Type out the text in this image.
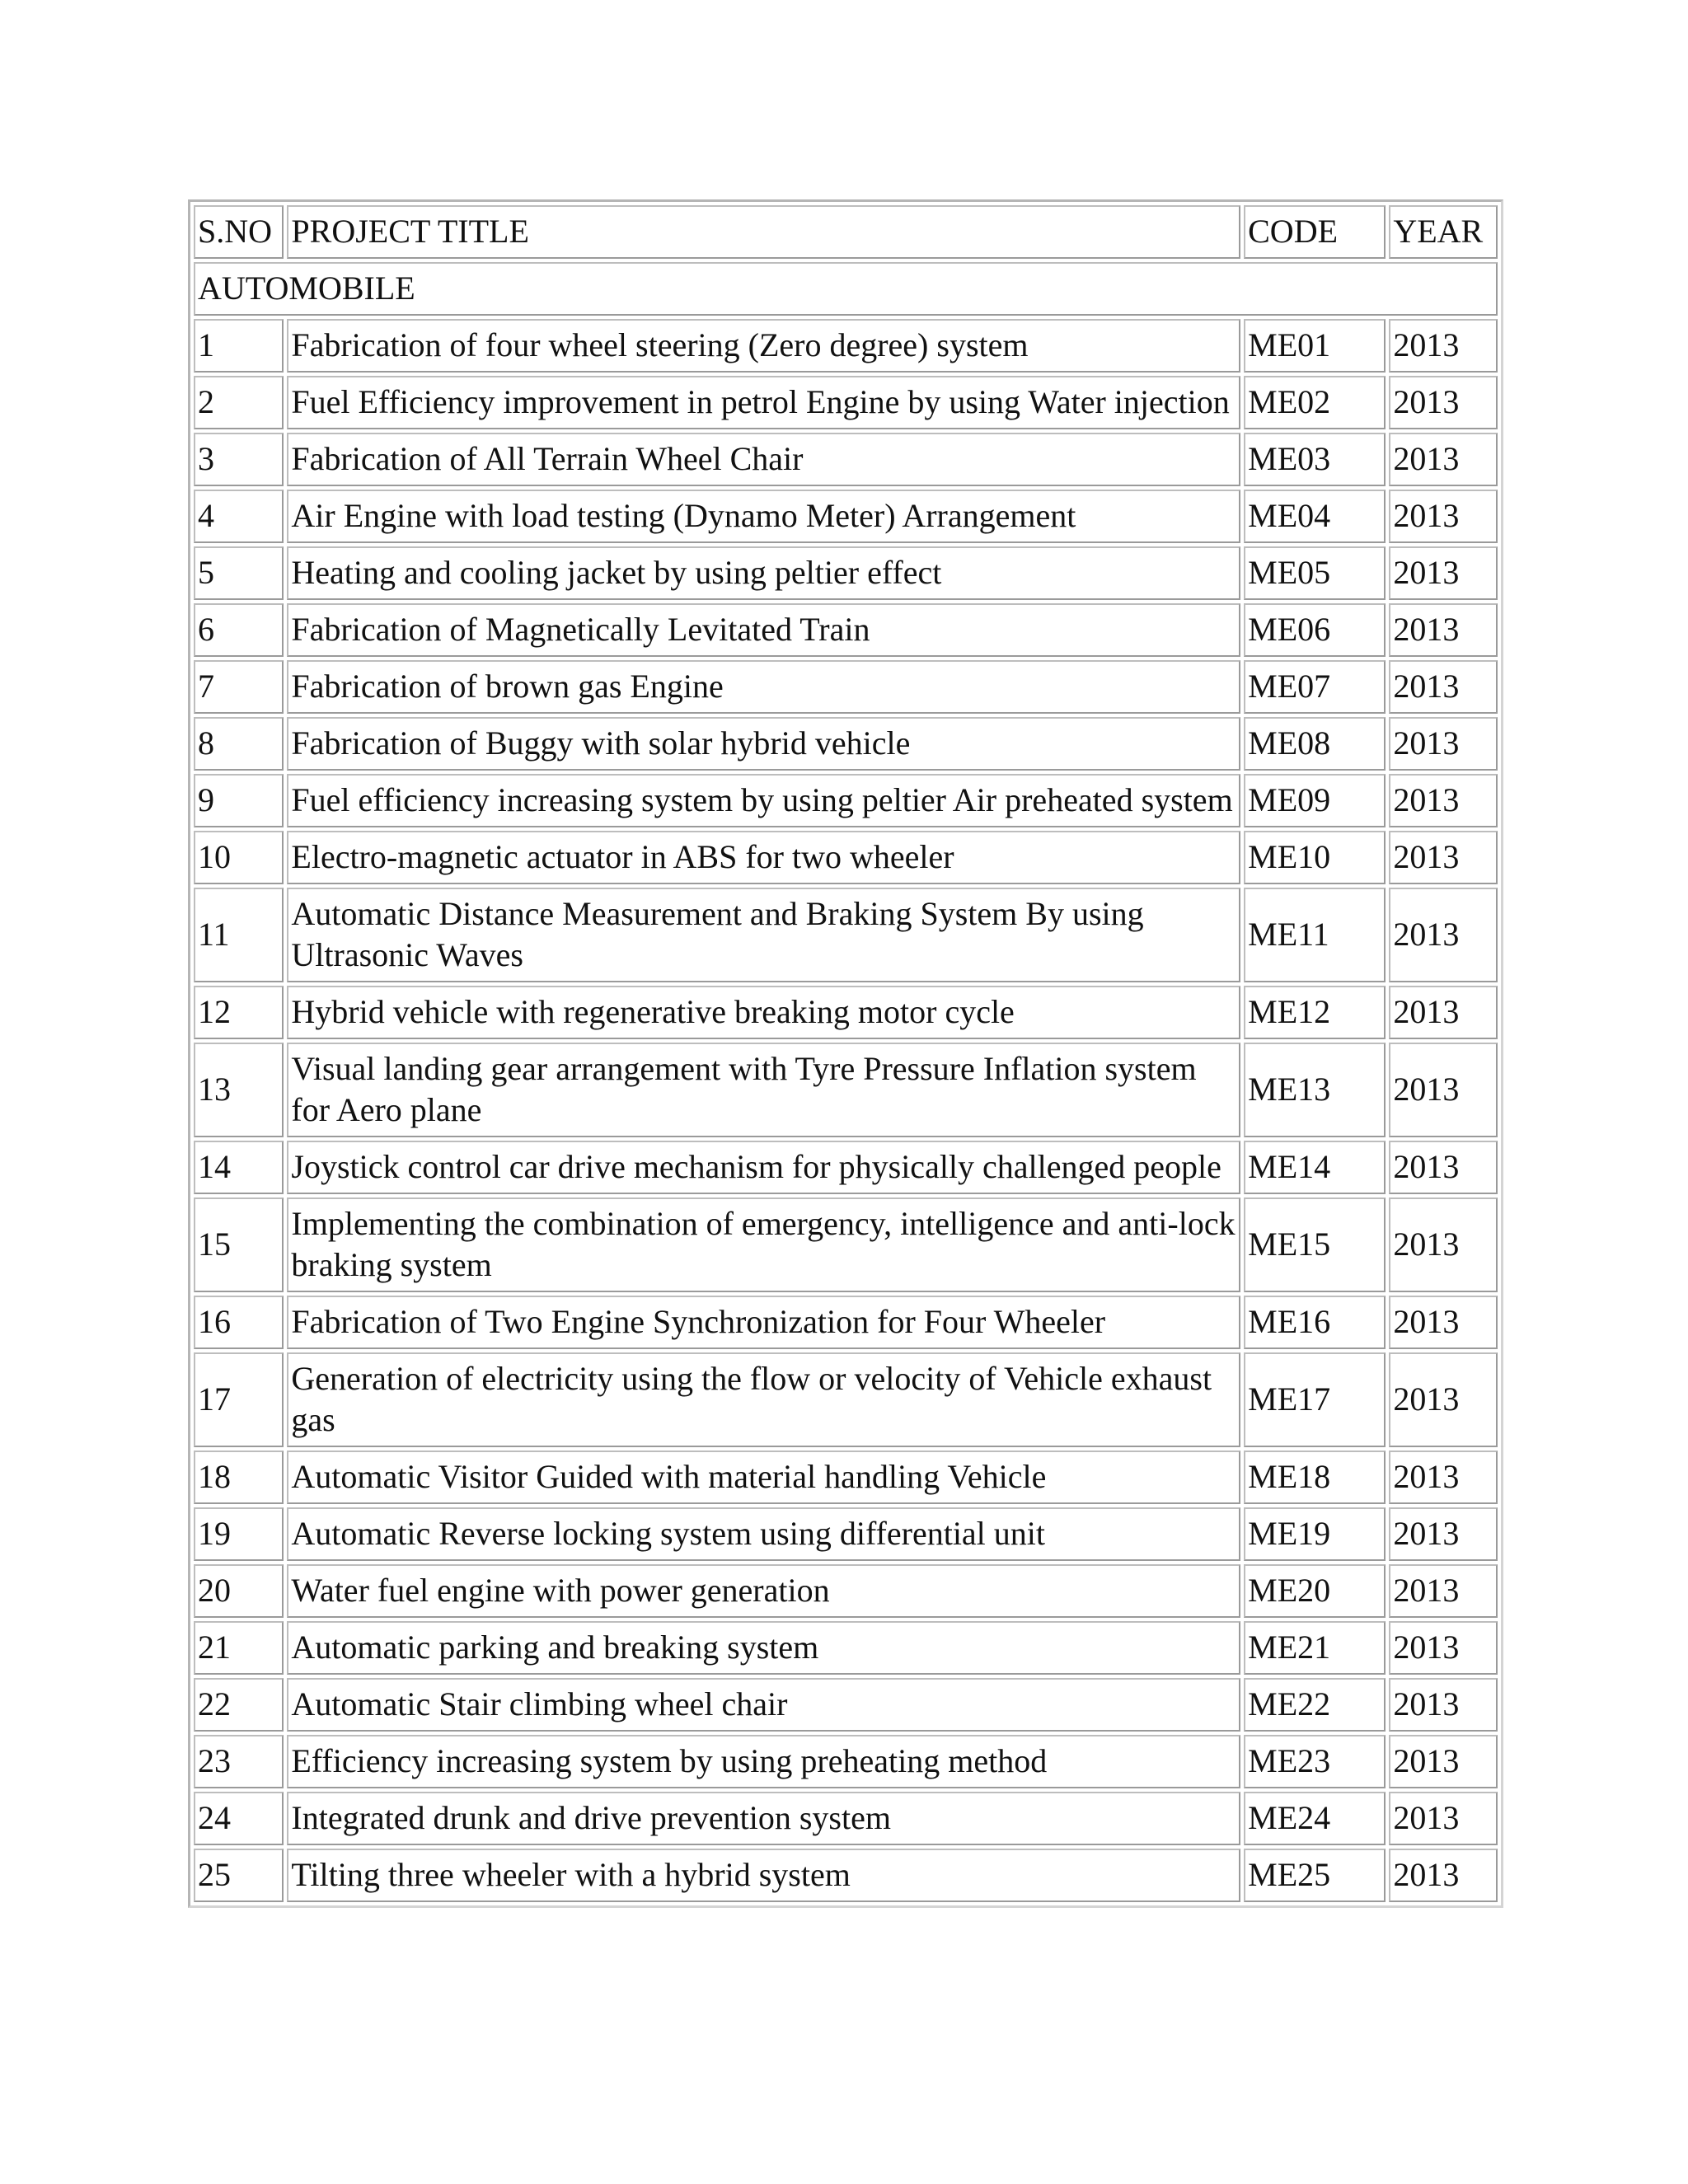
S.NO	PROJECT TITLE	CODE	YEAR
AUTOMOBILE			
1	Fabrication of four wheel steering (Zero degree) system	ME01	2013
2	Fuel Efficiency improvement in petrol Engine by using Water injection	ME02	2013
3	Fabrication of All Terrain Wheel Chair	ME03	2013
4	Air Engine with load testing (Dynamo Meter) Arrangement	ME04	2013
5	Heating and cooling jacket by using peltier effect	ME05	2013
6	Fabrication of Magnetically Levitated Train	ME06	2013
7	Fabrication of brown gas Engine	ME07	2013
8	Fabrication of Buggy with solar hybrid vehicle	ME08	2013
9	Fuel efficiency increasing system by using peltier Air preheated system	ME09	2013
10	Electro-magnetic actuator in ABS for two wheeler	ME10	2013
11	Automatic Distance Measurement and Braking System By using Ultrasonic Waves	ME11	2013
12	Hybrid vehicle with regenerative breaking motor cycle	ME12	2013
13	Visual landing gear arrangement with Tyre Pressure Inflation system for Aero plane	ME13	2013
14	Joystick control car drive mechanism for physically challenged people	ME14	2013
15	Implementing the combination of emergency, intelligence and anti-lock braking system	ME15	2013
16	Fabrication of Two Engine Synchronization for Four Wheeler	ME16	2013
17	Generation of electricity using the flow or velocity of Vehicle exhaust gas	ME17	2013
18	Automatic Visitor Guided with material handling Vehicle	ME18	2013
19	Automatic Reverse locking system using differential unit	ME19	2013
20	Water fuel engine with power generation	ME20	2013
21	Automatic parking and breaking system	ME21	2013
22	Automatic Stair climbing wheel chair	ME22	2013
23	Efficiency increasing system by using preheating method	ME23	2013
24	Integrated drunk and drive prevention system	ME24	2013
25	Tilting three wheeler with a hybrid system	ME25	2013
